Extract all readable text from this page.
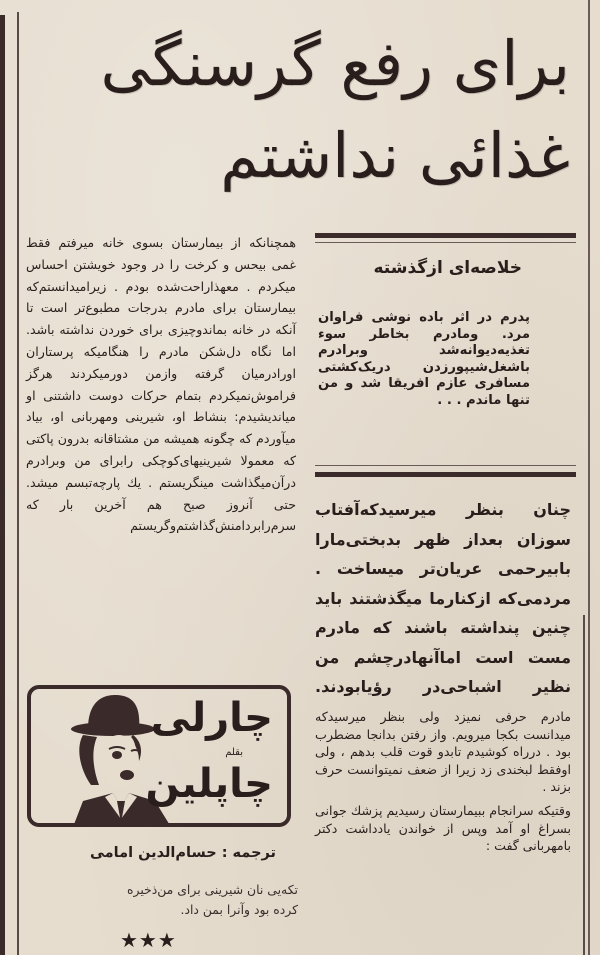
برای رفع گرسنگی
غذائی نداشتم
خلاصه‌ای ازگذشته
پدرم در اثر باده نوشی فراوان مرد. ومادرم بخاطر سوء تغذیه‌دیوانه‌شد وبرادرم باشغل‌شیپورزدن دریک‌کشتی مسافری عازم افریقا شد و من تنها ماندم . . .

همچنانکه از بیمارستان بسوی خانه میرفتم فقط غمی بیحس و کرخت را در وجود خویشتن احساس میکردم . معهذاراحت‌شده بودم . زیرامیدانستم‌که بیمارستان برای مادرم بدرجات مطبوع‌تر است تا آنکه در خانه بماندوچیزی برای خوردن نداشته باشد. اما نگاه دل‌شکن مادرم را هنگامیکه پرستاران اورادرمیان گرفته وازمن دورمیکردند هرگز فراموش‌نمیکردم بتمام حرکات دوست داشتنی او میاندیشیدم: بنشاط او، شیرینی ومهربانی او، بیاد میآوردم که چگونه همیشه من مشتاقانه بدرون پاکتی که معمولا شیرینیهای‌کوچکی رابرای من وبرادرم درآن‌میگذاشت مینگریستم . یك پارچه‌تبسم میشد. حتی آنروز صبح هم آخرین بار که سرم‌رابردامنش‌گذاشتم‌وگریستم

چنان بنظر میرسیدکه‌آفتاب سوزان بعداز ظهر بدبختی‌مارا بابیرحمی عریان‌تر میساخت . مردمی‌که ازکنارما میگذشتند باید چنین پنداشته باشند که مادرم مست است اماآنهادرچشم من نظیر اشباحی‌در رؤیابودند.

مادرم حرفی نمیزد ولی بنظر میرسیدکه میدانست بکجا میرویم. واز رفتن بدانجا مضطرب بود . درراه کوشیدم تابدو قوت قلب بدهم ، ولی اوفقط لبخندی زد زیرا از ضعف نمیتوانست حرف بزند .

وقتیکه سرانجام ببیمارستان رسیدیم پزشك جوانی بسراغ او آمد وپس از خواندن یادداشت دکتر بامهربانی گفت :

چارلی
بقلم
چاپلین
ترجمه : حسام‌الدین امامی

تکه‌یی نان شیرینی برای من‌ذخیره

کرده بود وآنرا بمن داد.

★★★
